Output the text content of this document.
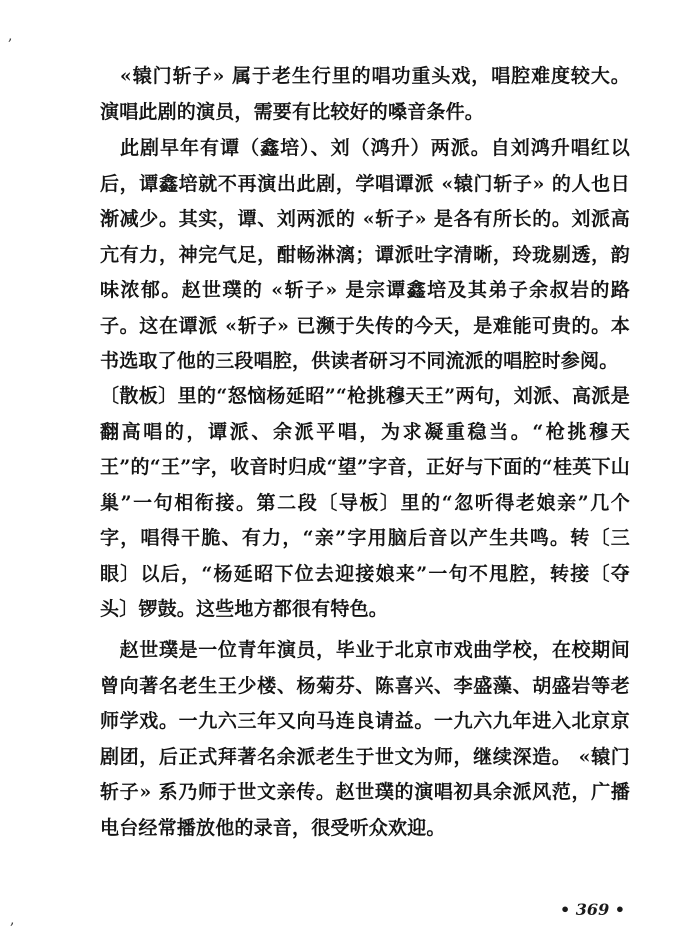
,

　«辕门斩子» 属于老生行里的唱功重头戏，唱腔难度较大。演唱此剧的演员，需要有比较好的嗓音条件。

　此剧早年有谭（鑫培）、刘（鸿升）两派。自刘鸿升唱红以后，谭鑫培就不再演出此剧，学唱谭派 «辕门斩子» 的人也日渐减少。其实，谭、刘两派的 «斩子» 是各有所长的。刘派高亢有力，神完气足，酣畅淋漓；谭派吐字清晰，玲珑剔透，韵味浓郁。赵世璞的 «斩子» 是宗谭鑫培及其弟子余叔岩的路子。这在谭派 «斩子» 已濒于失传的今天，是难能可贵的。本书选取了他的三段唱腔，供读者研习不同流派的唱腔时参阅。

〔散板〕里的“怒恼杨延昭”“枪挑穆天王”两句，刘派、高派是翻高唱的，谭派、余派平唱，为求凝重稳当。“枪挑穆天王”的“王”字，收音时归成“望”字音，正好与下面的“桂英下山巢”一句相衔接。第二段〔导板〕里的“忽听得老娘亲”几个字，唱得干脆、有力，“亲”字用脑后音以产生共鸣。转〔三眼〕以后，“杨延昭下位去迎接娘来”一句不甩腔，转接〔夺头〕锣鼓。这些地方都很有特色。

　赵世璞是一位青年演员，毕业于北京市戏曲学校，在校期间曾向著名老生王少楼、杨菊芬、陈喜兴、李盛藻、胡盛岩等老师学戏。一九六三年又向马连良请益。一九六九年进入北京京剧团，后正式拜著名余派老生于世文为师，继续深造。 «辕门斩子» 系乃师于世文亲传。赵世璞的演唱初具余派风范，广播电台经常播放他的录音，很受听众欢迎。

,
• 369 •
